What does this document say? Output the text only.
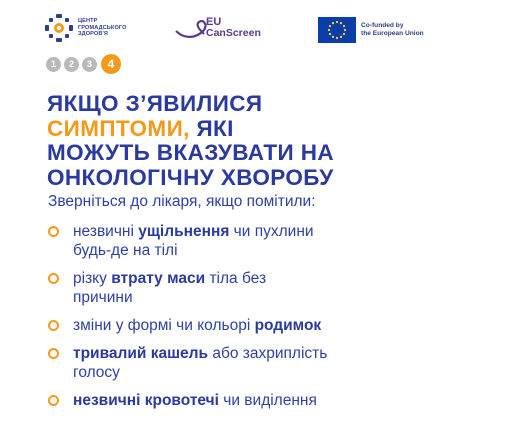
ЦЕНТР
ГРОМАДСЬКОГО
ЗДОРОВ'Я
EU
CanScreen
Co-funded by
the European Union
1	2	3	4
ЯКЩО З’ЯВИЛИСЯ
СИМПТОМИ, ЯКІ
МОЖУТЬ ВКАЗУВАТИ НА
ОНКОЛОГІЧНУ ХВОРОБУ

Зверніться до лікаря, якщо помітили:

незвичні ущільнення чи пухлини
будь-де на тілі
різку втрату маси тіла без
причини
зміни у формі чи кольорі родимок
тривалий кашель або захриплість
голосу
незвичні кровотечі чи виділення
